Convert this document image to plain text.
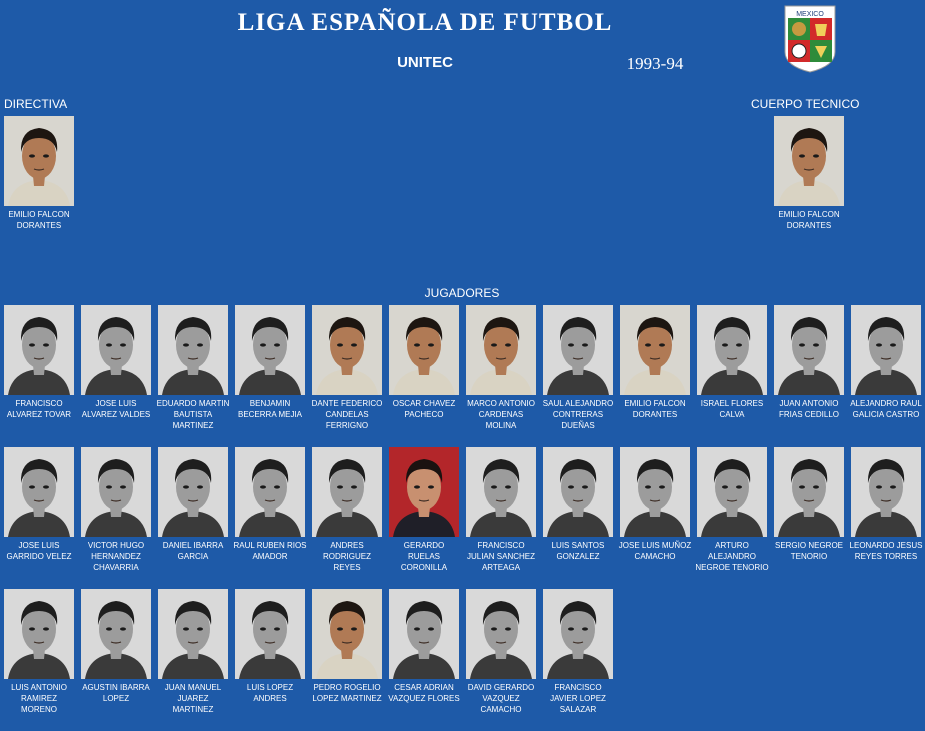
LIGA ESPAÑOLA DE FUTBOL
UNITEC	1993-94
MEXICO
DIRECTIVA	CUERPO TECNICO
JUGADORES
EMILIO FALCON DORANTES
EMILIO FALCON DORANTES
FRANCISCO ALVAREZ TOVAR
JOSE LUIS ALVAREZ VALDES
EDUARDO MARTIN BAUTISTA MARTINEZ
BENJAMIN BECERRA MEJIA
DANTE FEDERICO CANDELAS FERRIGNO
OSCAR CHAVEZ PACHECO
MARCO ANTONIO CARDENAS MOLINA
SAUL ALEJANDRO CONTRERAS DUEÑAS
EMILIO FALCON DORANTES
ISRAEL FLORES CALVA
JUAN ANTONIO FRIAS CEDILLO
ALEJANDRO RAUL GALICIA CASTRO
JOSE LUIS GARRIDO VELEZ
VICTOR HUGO HERNANDEZ CHAVARRIA
DANIEL IBARRA GARCIA
RAUL RUBEN RIOS AMADOR
ANDRES RODRIGUEZ REYES
GERARDO RUELAS CORONILLA
FRANCISCO JULIAN SANCHEZ ARTEAGA
LUIS SANTOS GONZALEZ
JOSE LUIS MUÑOZ CAMACHO
ARTURO ALEJANDRO NEGROE TENORIO
SERGIO NEGROE TENORIO
LEONARDO JESUS REYES TORRES
LUIS ANTONIO RAMIREZ MORENO
AGUSTIN IBARRA LOPEZ
JUAN MANUEL JUAREZ MARTINEZ
LUIS LOPEZ ANDRES
PEDRO ROGELIO LOPEZ MARTINEZ
CESAR ADRIAN VAZQUEZ FLORES
DAVID GERARDO VAZQUEZ CAMACHO
FRANCISCO JAVIER LOPEZ SALAZAR
